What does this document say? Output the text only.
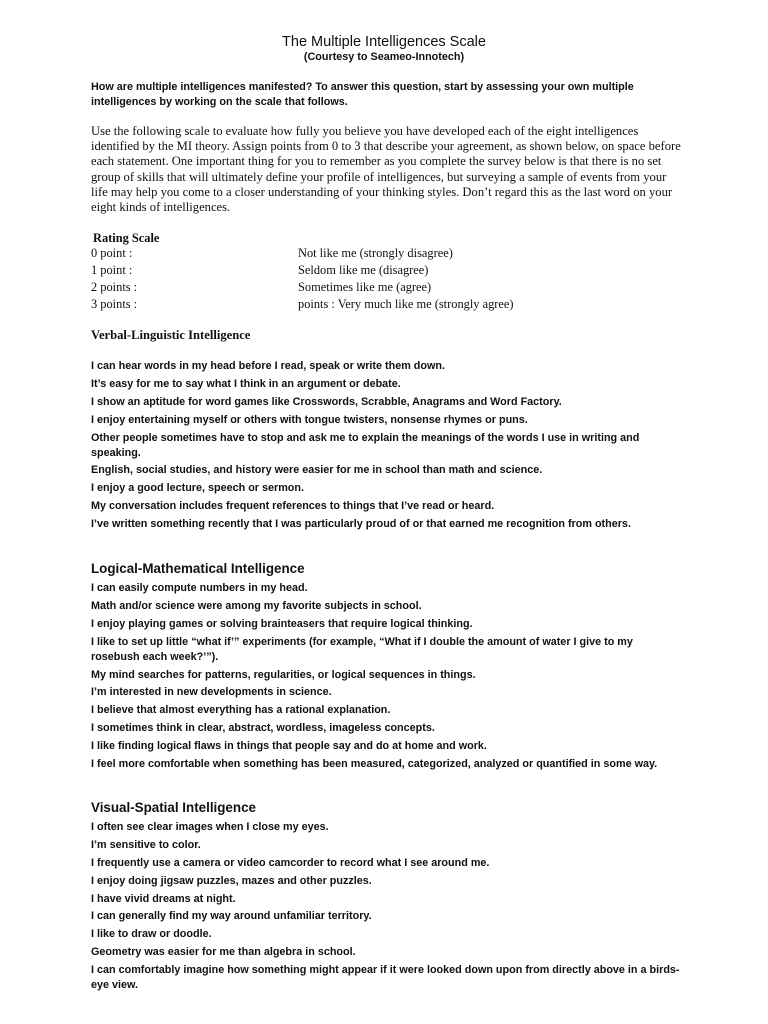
The Multiple Intelligences Scale
(Courtesy to Seameo-Innotech)

How are multiple intelligences manifested? To answer this question, start by assessing your own multiple intelligences by working on the scale that follows.

Use the following scale to evaluate how fully you believe you have developed each of the eight intelligences identified by the MI theory. Assign points from 0 to 3 that describe your agreement, as shown below, on space before each statement. One important thing for you to remember as you complete the survey below is that there is no set group of skills that will ultimately define your profile of intelligences, but surveying a sample of events from your life may help you come to a closer understanding of your thinking styles. Don’t regard this as the last word on your eight kinds of intelligences.

Rating Scale
0 point :	Not like me (strongly disagree)
1 point :	Seldom like me (disagree)
2 points :	Sometimes like me (agree)
3 points :	points : Very much like me (strongly agree)
Verbal-Linguistic Intelligence
I can hear words in my head before I read, speak or write them down.
It’s easy for me to say what I think in an argument or debate.
I show an aptitude for word games like Crosswords, Scrabble, Anagrams and Word Factory.
I enjoy entertaining myself or others with tongue twisters, nonsense rhymes or puns.
Other people sometimes have to stop and ask me to explain the meanings of the words I use in writing and speaking.
English, social studies, and history were easier for me in school than math and science.
I enjoy a good lecture, speech or sermon.
My conversation includes frequent references to things that I’ve read or heard.
I’ve written something recently that I was particularly proud of or that earned me recognition from others.
Logical-Mathematical Intelligence
I can easily compute numbers in my head.
Math and/or science were among my favorite subjects in school.
I enjoy playing games or solving brainteasers that require logical thinking.
I like to set up little “what if’” experiments (for example, “What if I double the amount of water I give to my rosebush each week?’”).
My mind searches for patterns, regularities, or logical sequences in things.
I’m interested in new developments in science.
I believe that almost everything has a rational explanation.
I sometimes think in clear, abstract, wordless, imageless concepts.
I like finding logical flaws in things that people say and do at home and work.
I feel more comfortable when something has been measured, categorized, analyzed or quantified in some way.
Visual-Spatial Intelligence
I often see clear images when I close my eyes.
I’m sensitive to color.
I frequently use a camera or video camcorder to record what I see around me.
I enjoy doing jigsaw puzzles, mazes and other puzzles.
I have vivid dreams at night.
I can generally find my way around unfamiliar territory.
I like to draw or doodle.
Geometry was easier for me than algebra in school.
I can comfortably imagine how something might appear if it were looked down upon from directly above in a birds-eye view.
